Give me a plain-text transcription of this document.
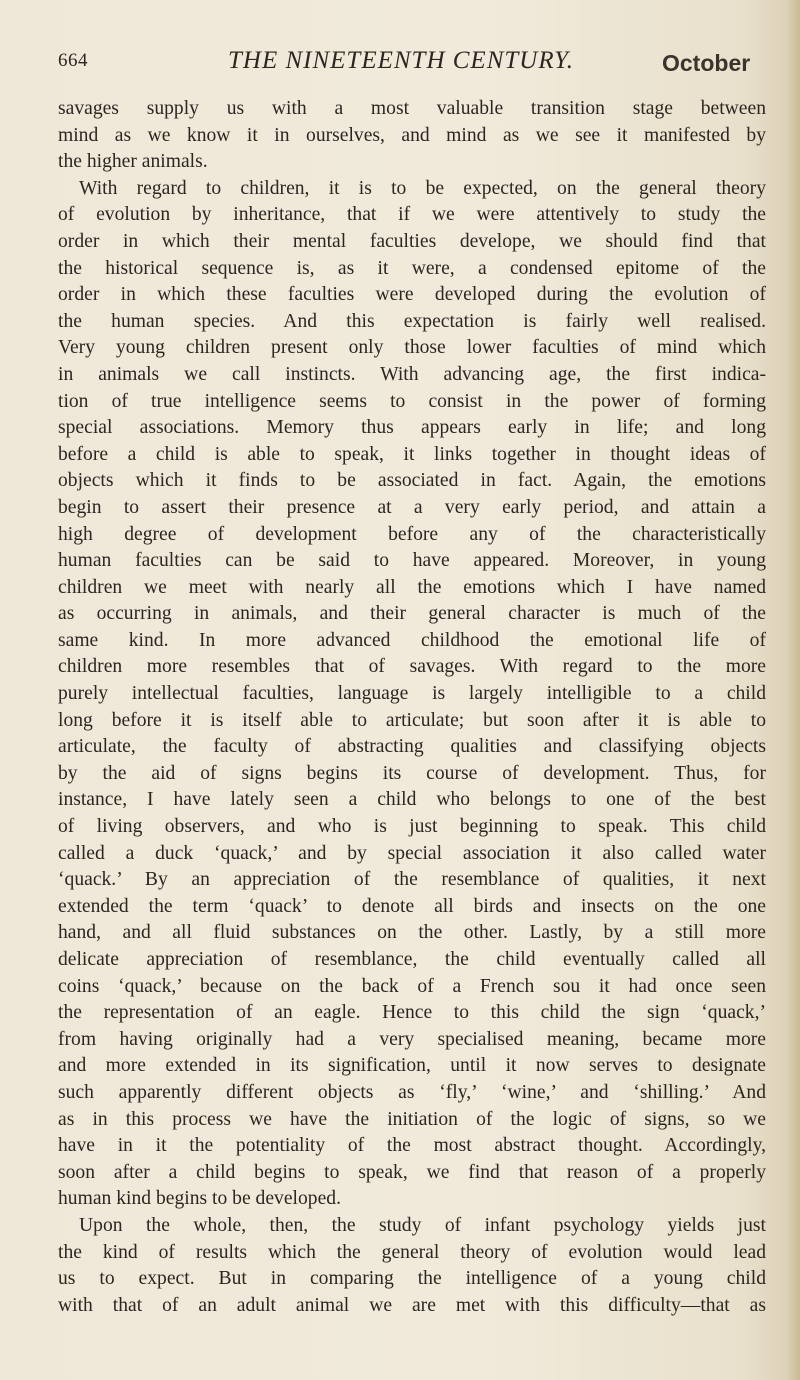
664	THE NINETEENTH CENTURY.	October
savages supply us with a most valuable transition stage between
mind as we know it in ourselves, and mind as we see it manifested by
the higher animals.
With regard to children, it is to be expected, on the general theory
of evolution by inheritance, that if we were attentively to study the
order in which their mental faculties develope, we should find that
the historical sequence is, as it were, a condensed epitome of the
order in which these faculties were developed during the evolution of
the human species. And this expectation is fairly well realised.
Very young children present only those lower faculties of mind which
in animals we call instincts. With advancing age, the first indica-
tion of true intelligence seems to consist in the power of forming
special associations. Memory thus appears early in life; and long
before a child is able to speak, it links together in thought ideas of
objects which it finds to be associated in fact. Again, the emotions
begin to assert their presence at a very early period, and attain a
high degree of development before any of the characteristically
human faculties can be said to have appeared. Moreover, in young
children we meet with nearly all the emotions which I have named
as occurring in animals, and their general character is much of the
same kind. In more advanced childhood the emotional life of
children more resembles that of savages. With regard to the more
purely intellectual faculties, language is largely intelligible to a child
long before it is itself able to articulate; but soon after it is able to
articulate, the faculty of abstracting qualities and classifying objects
by the aid of signs begins its course of development. Thus, for
instance, I have lately seen a child who belongs to one of the best
of living observers, and who is just beginning to speak. This child
called a duck ‘quack,’ and by special association it also called water
‘quack.’ By an appreciation of the resemblance of qualities, it next
extended the term ‘quack’ to denote all birds and insects on the one
hand, and all fluid substances on the other. Lastly, by a still more
delicate appreciation of resemblance, the child eventually called all
coins ‘quack,’ because on the back of a French sou it had once seen
the representation of an eagle. Hence to this child the sign ‘quack,’
from having originally had a very specialised meaning, became more
and more extended in its signification, until it now serves to designate
such apparently different objects as ‘fly,’ ‘wine,’ and ‘shilling.’ And
as in this process we have the initiation of the logic of signs, so we
have in it the potentiality of the most abstract thought. Accordingly,
soon after a child begins to speak, we find that reason of a properly
human kind begins to be developed.
Upon the whole, then, the study of infant psychology yields just
the kind of results which the general theory of evolution would lead
us to expect. But in comparing the intelligence of a young child
with that of an adult animal we are met with this difficulty—that as
